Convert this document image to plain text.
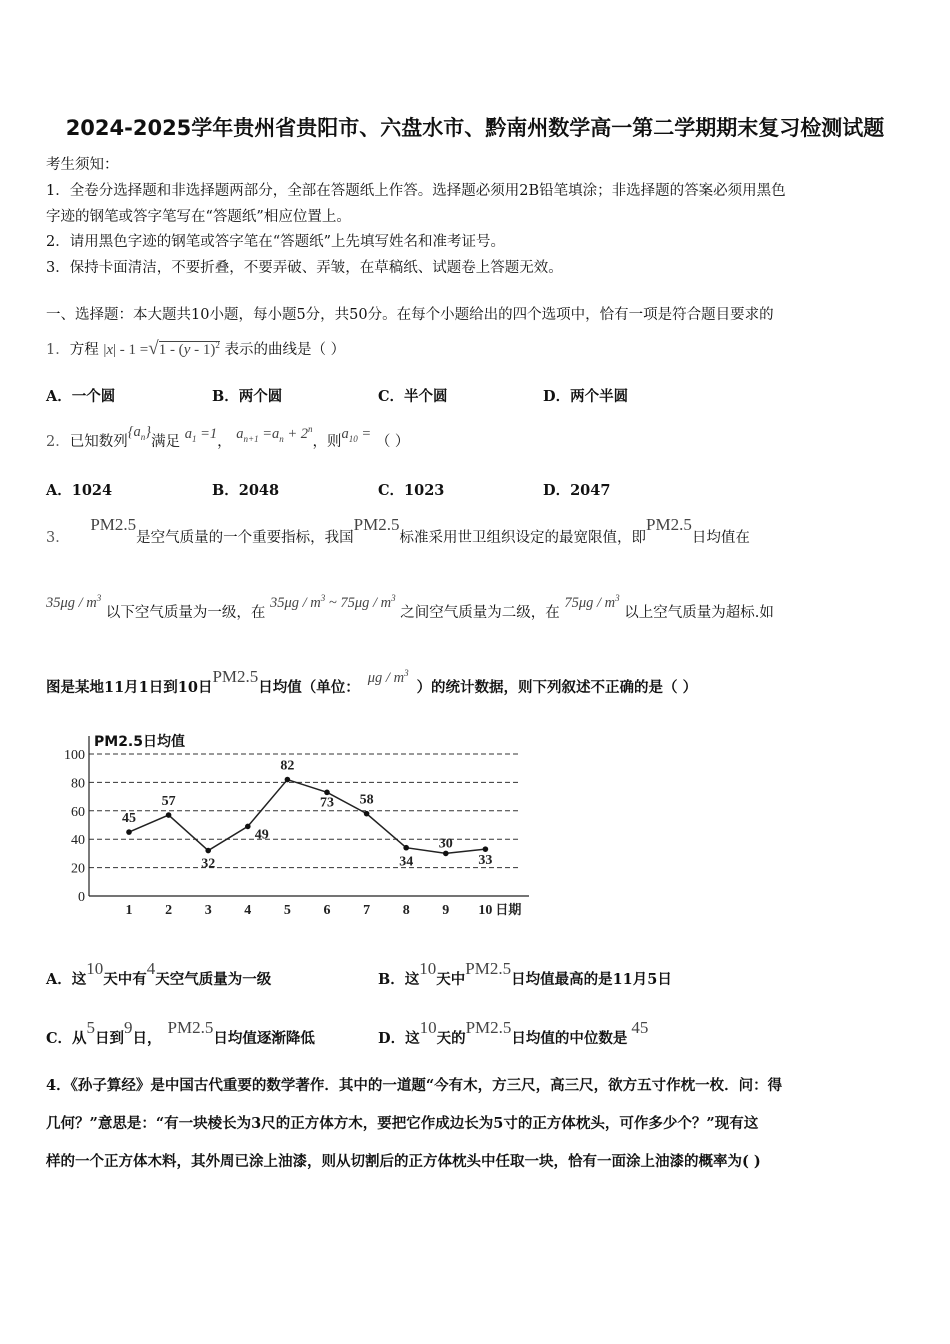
2024-2025学年贵州省贵阳市、六盘水市、黔南州数学高一第二学期期末复习检测试题
考生须知：
1．全卷分选择题和非选择题两部分，全部在答题纸上作答。选择题必须用2B铅笔填涂；非选择题的答案必须用黑色
字迹的钢笔或答字笔写在“答题纸”相应位置上。
2．请用黑色字迹的钢笔或答字笔在“答题纸”上先填写姓名和准考证号。
3．保持卡面清洁，不要折叠，不要弄破、弄皱，在草稿纸、试题卷上答题无效。
一、选择题：本大题共10小题，每小题5分，共50分。在每个小题给出的四个选项中，恰有一项是符合题目要求的
1．方程 |x| - 1 =√1 - (y - 1)$^2$ 表示的曲线是（ ）
A．一个圆	B．两个圆	C．半个圆	D．两个半圆
2．已知数列$\{a_n\}$满足 $a_1 =1$， $a_{n+1} =a_n + 2^n$，则$a_{10}$ = （ ）
A．1024	B．2048	C．1023	D．2047
3． PM2.5是空气质量的一个重要指标，我国PM2.5标准采用世卫组织设定的最宽限值，即PM2.5日均值在
$35\mu g / m^3$ 以下空气质量为一级，在 $35\mu g / m^3$ ~ $75\mu g / m^3$ 之间空气质量为二级，在 $75\mu g / m^3$ 以上空气质量为超标.如
图是某地11月1日到10日PM2.5日均值（单位：μg / $m^3$）的统计数据，则下列叙述不正确的是（ ）
0
20
40
60
80
100
PM2.5日均值
1 2 3 4 5 6 7 8 9 10 日期
45
57
32
49
82
73 58
34
30
33
A．这10天中有4天空气质量为一级	B．这10天中PM2.5日均值最高的是11月5日
C．从5日到9日，PM2.5日均值逐渐降低	D．这10天的PM2.5日均值的中位数是45
4．《孙子算经》是中国古代重要的数学著作．其中的一道题“今有木，方三尺，高三尺，欲方五寸作枕一枚．问：得
几何？”意思是：“有一块棱长为3尺的正方体方木，要把它作成边长为5寸的正方体枕头，可作多少个？”现有这
样的一个正方体木料，其外周已涂上油漆，则从切割后的正方体枕头中任取一块，恰有一面涂上油漆的概率为( )
